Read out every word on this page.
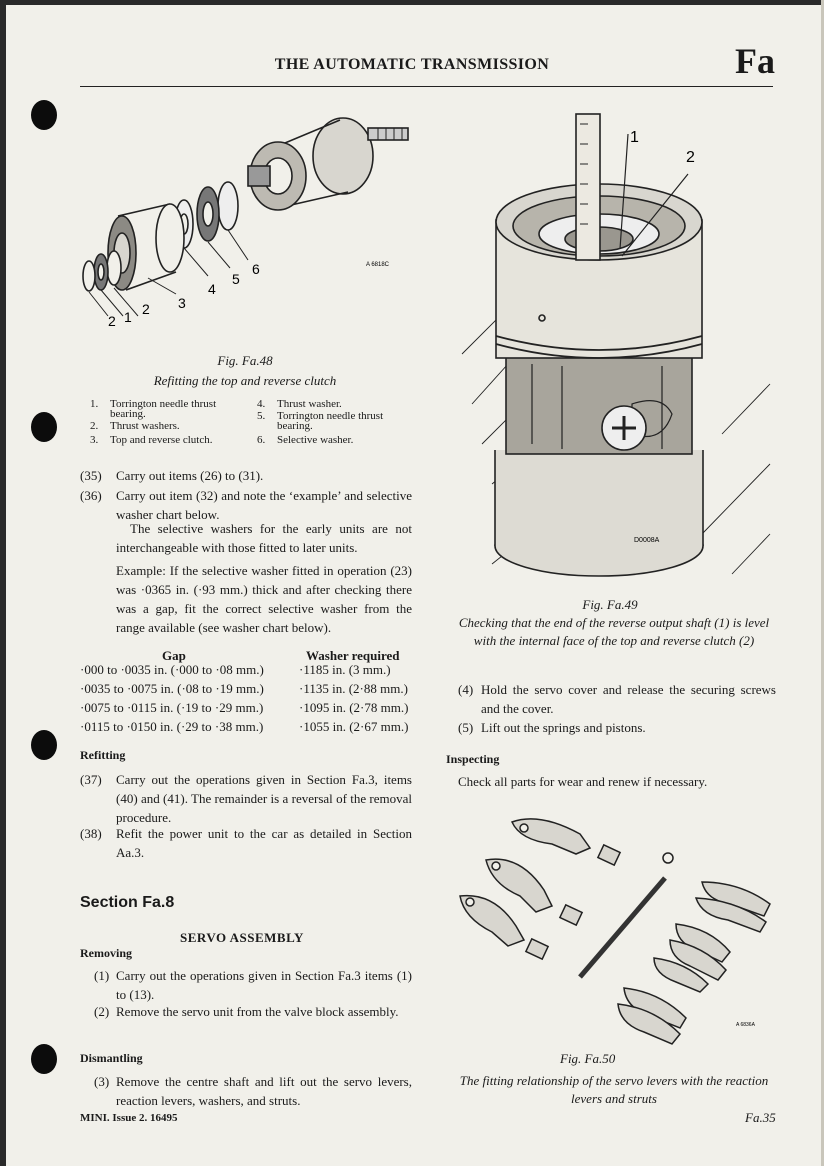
THE AUTOMATIC TRANSMISSION	Fa
A 6818C
2 1 2 3
4
5
6
Fig. Fa.48
Refitting the top and reverse clutch
1.	Torrington needle thrust
bearing.
2.	Thrust washers.
3.	Top and reverse clutch.
4.	Thrust washer.
5.	Torrington needle thrust
bearing.
6.	Selective washer.
(35) Carry out items (26) to (31).
(36) Carry out item (32) and note the ‘example’ and selective washer chart below.
The selective washers for the early units are not interchangeable with those fitted to later units.
Example: If the selective washer fitted in operation (23) was ·0365 in. (·93 mm.) thick and after checking there was a gap, fit the correct selective washer from the range available (see washer chart below).
Gap	Washer required
·000 to ·0035 in. (·000 to ·08 mm.)	·1185 in. (3 mm.)
·0035 to ·0075 in. (·08 to ·19 mm.)	·1135 in. (2·88 mm.)
·0075 to ·0115 in. (·19 to ·29 mm.)	·1095 in. (2·78 mm.)
·0115 to ·0150 in. (·29 to ·38 mm.)	·1055 in. (2·67 mm.)
Refitting
(37) Carry out the operations given in Section Fa.3, items (40) and (41). The remainder is a reversal of the removal procedure.
(38) Refit the power unit to the car as detailed in Section Aa.3.
Section Fa.8
SERVO ASSEMBLY
Removing
(1) Carry out the operations given in Section Fa.3 items (1) to (13).
(2) Remove the servo unit from the valve block assembly.
Dismantling
(3) Remove the centre shaft and lift out the servo levers, reaction levers, washers, and struts.
1
2
D0008A
Fig. Fa.49
Checking that the end of the reverse output shaft (1) is level with the internal face of the top and reverse clutch (2)
(4) Hold the servo cover and release the securing screws and the cover.
(5) Lift out the springs and pistons.
Inspecting
Check all parts for wear and renew if necessary.
A 6836A
Fig. Fa.50
The fitting relationship of the servo levers with the reaction levers and struts
MINI. Issue 2. 16495	Fa.35
